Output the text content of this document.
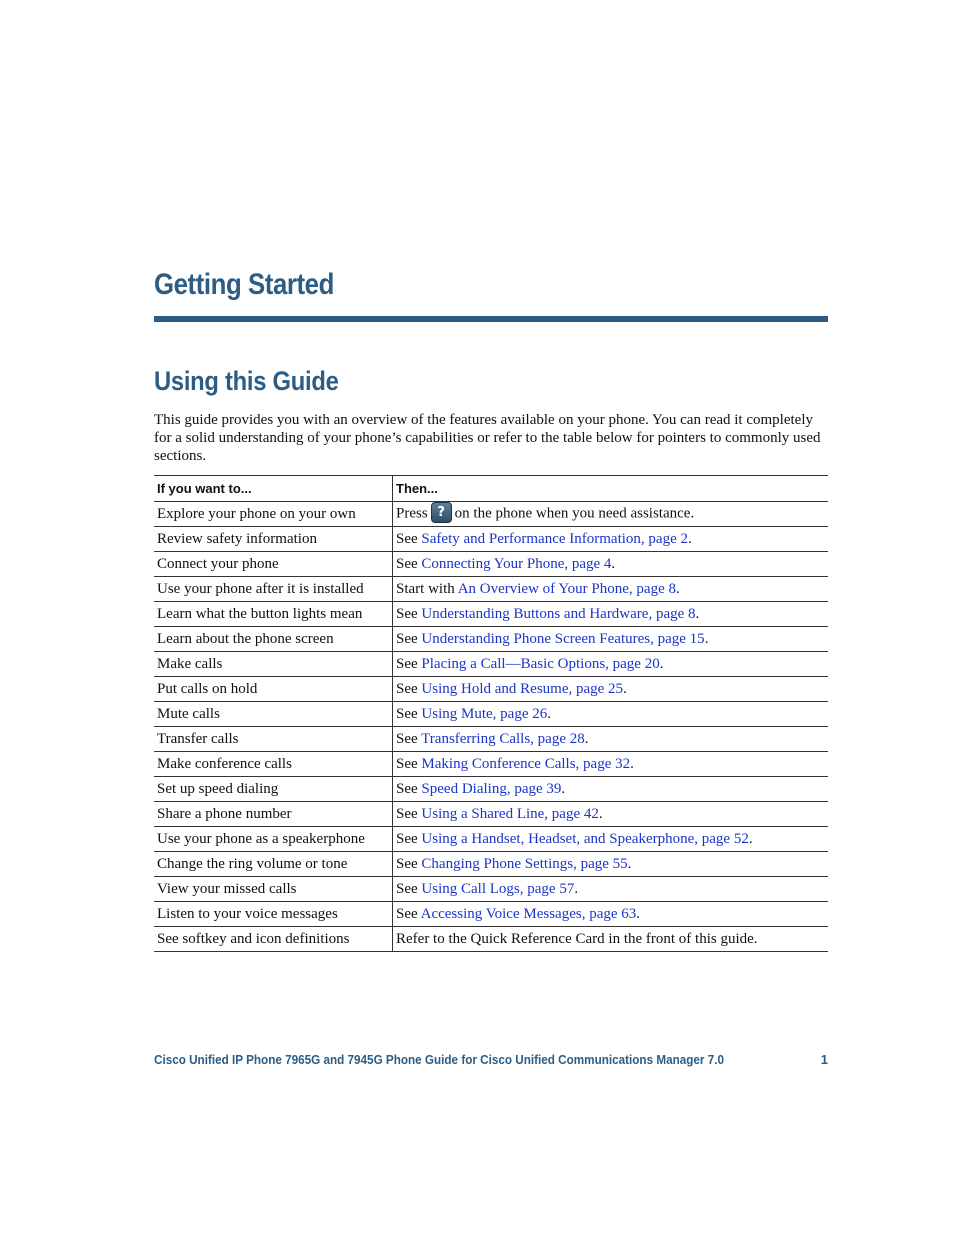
Getting Started
Using this Guide

This guide provides you with an overview of the features available on your phone. You can read it completely for a solid understanding of your phone’s capabilities or refer to the table below for pointers to commonly used sections.

If you want to...	Then...
Explore your phone on your own	Press ? on the phone when you need assistance.
Review safety information	See Safety and Performance Information, page 2.
Connect your phone	See Connecting Your Phone, page 4.
Use your phone after it is installed	Start with An Overview of Your Phone, page 8.
Learn what the button lights mean	See Understanding Buttons and Hardware, page 8.
Learn about the phone screen	See Understanding Phone Screen Features, page 15.
Make calls	See Placing a Call—Basic Options, page 20.
Put calls on hold	See Using Hold and Resume, page 25.
Mute calls	See Using Mute, page 26.
Transfer calls	See Transferring Calls, page 28.
Make conference calls	See Making Conference Calls, page 32.
Set up speed dialing	See Speed Dialing, page 39.
Share a phone number	See Using a Shared Line, page 42.
Use your phone as a speakerphone	See Using a Handset, Headset, and Speakerphone, page 52.
Change the ring volume or tone	See Changing Phone Settings, page 55.
View your missed calls	See Using Call Logs, page 57.
Listen to your voice messages	See Accessing Voice Messages, page 63.
See softkey and icon definitions	Refer to the Quick Reference Card in the front of this guide.
Cisco Unified IP Phone 7965G and 7945G Phone Guide for Cisco Unified Communications Manager 7.0	1
